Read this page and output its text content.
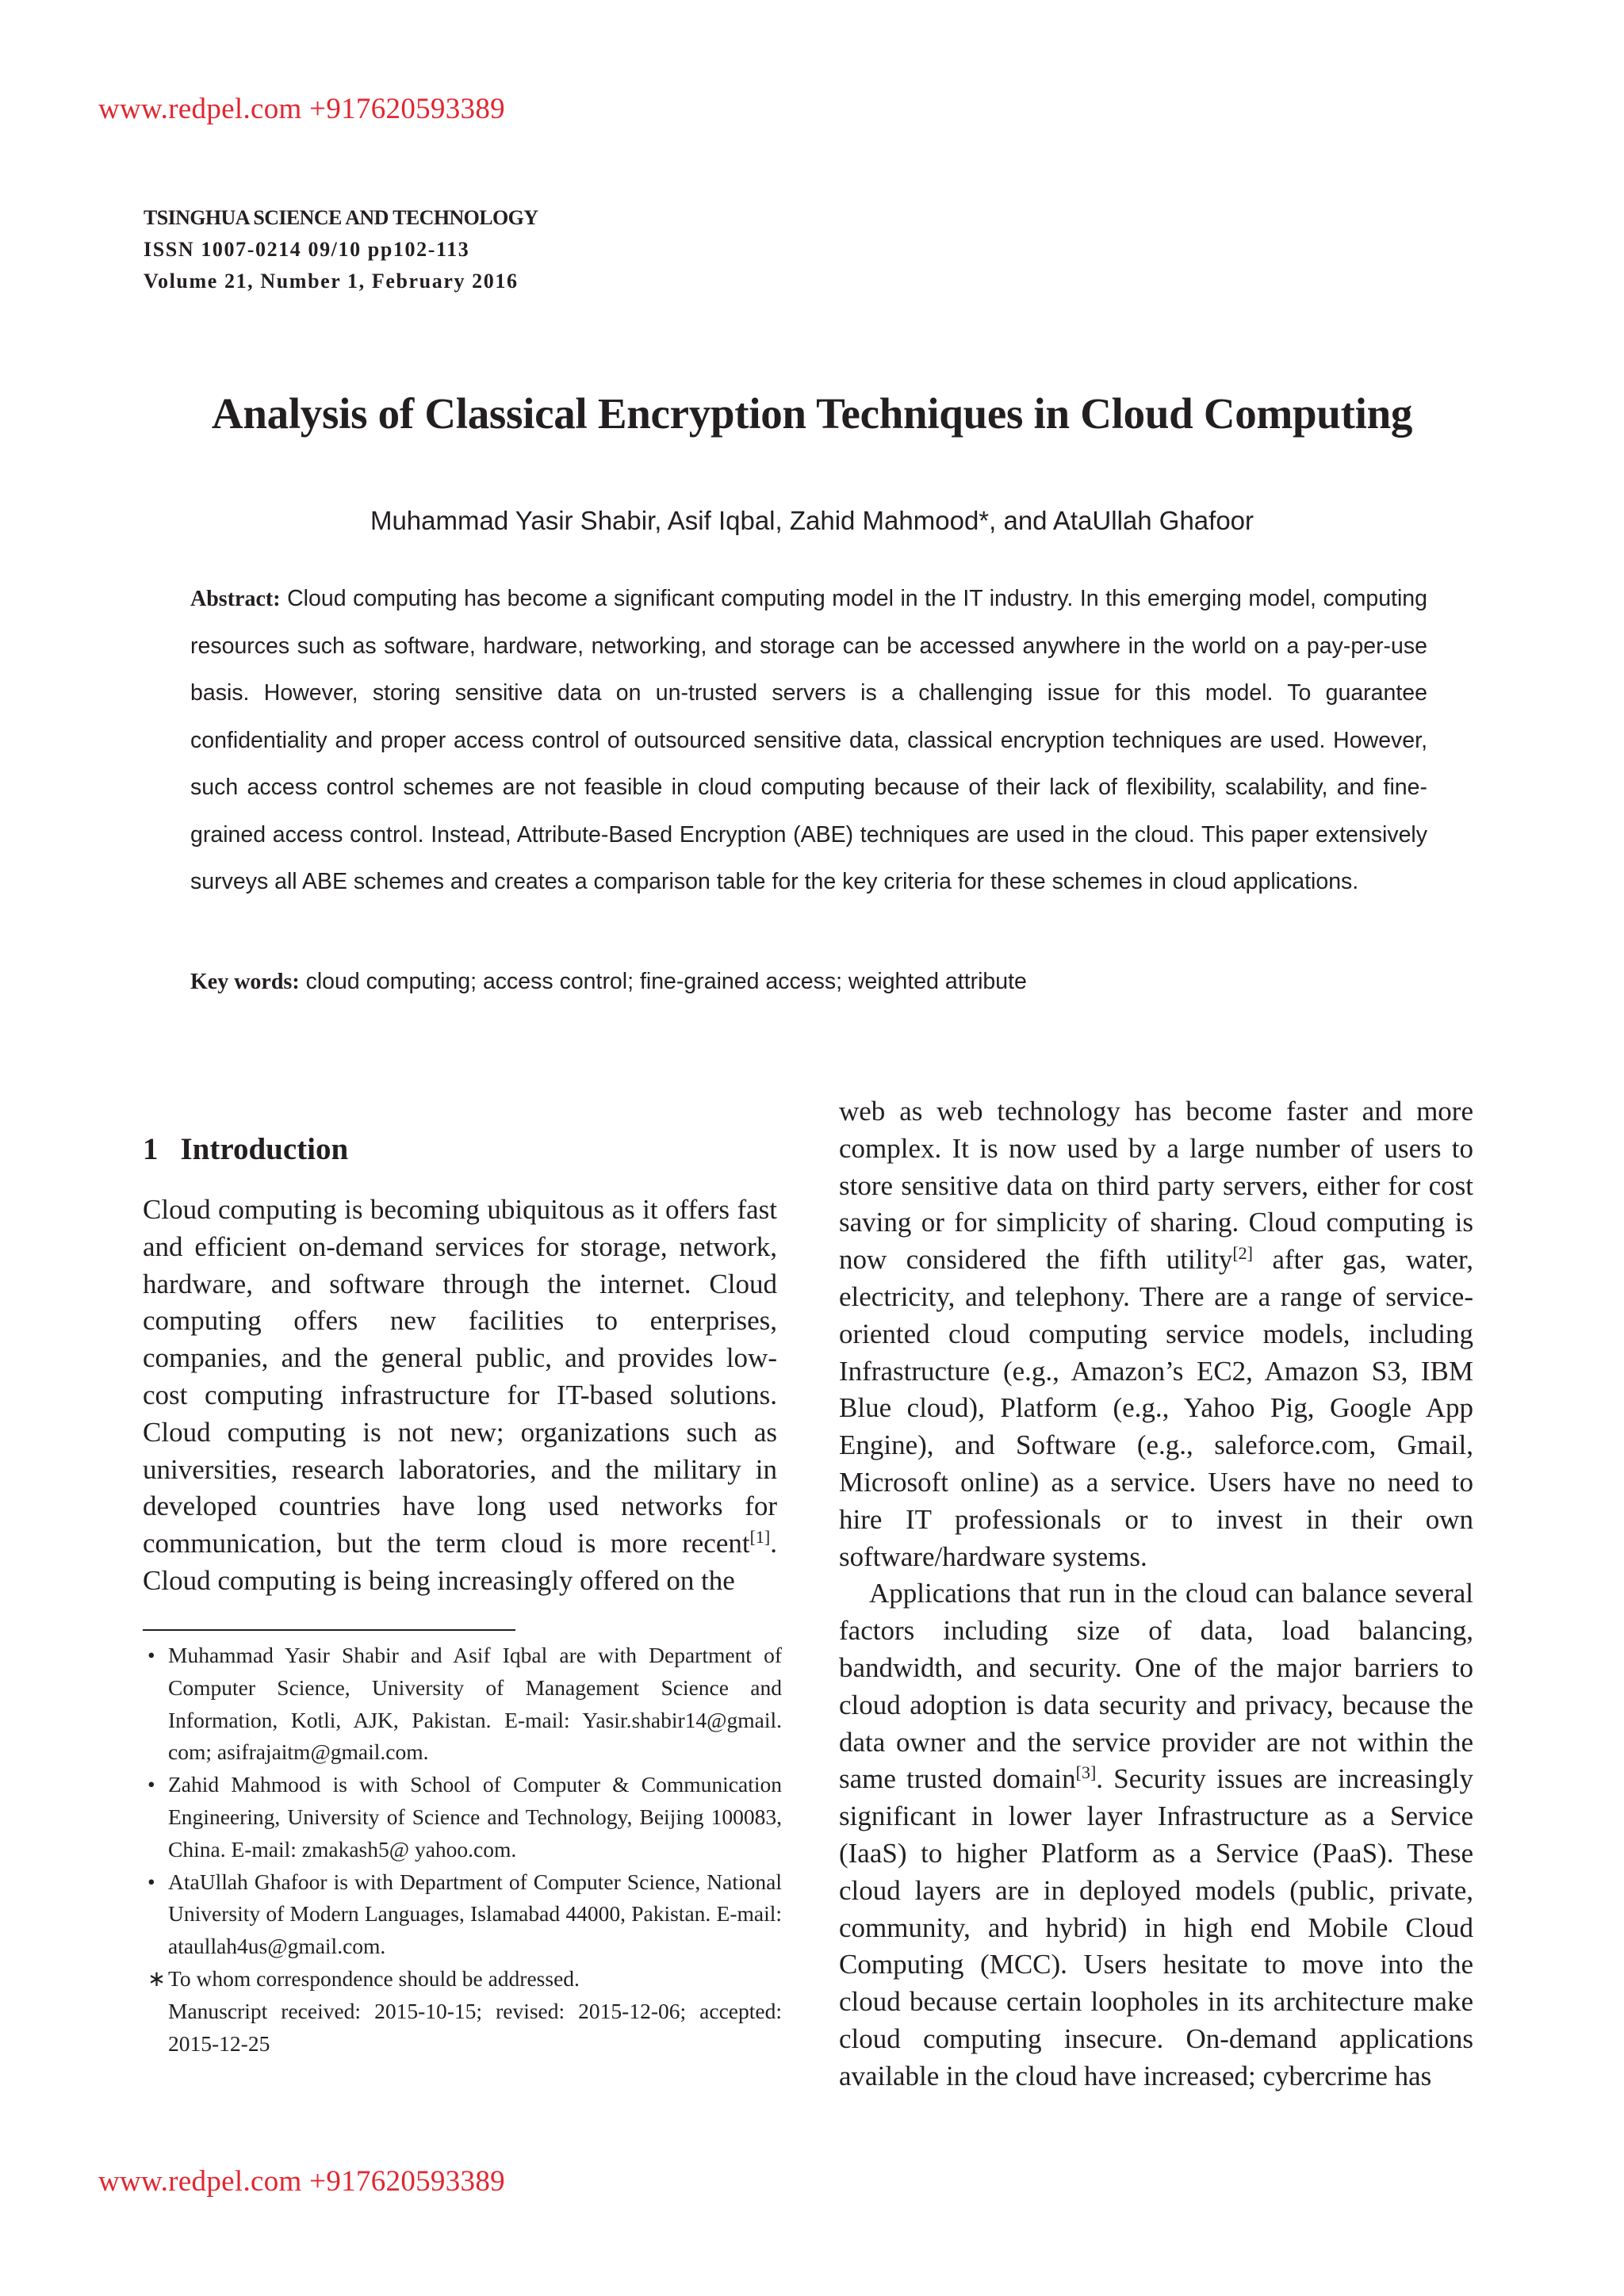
www.redpel.com +917620593389
TSINGHUA SCIENCE AND TECHNOLOGY
ISSN 1007-0214 09/10 pp102-113
Volume 21, Number 1, February 2016
Analysis of Classical Encryption Techniques in Cloud Computing
Muhammad Yasir Shabir, Asif Iqbal, Zahid Mahmood*, and AtaUllah Ghafoor
Abstract: Cloud computing has become a significant computing model in the IT industry. In this emerging model, computing resources such as software, hardware, networking, and storage can be accessed anywhere in the world on a pay-per-use basis. However, storing sensitive data on un-trusted servers is a challenging issue for this model. To guarantee confidentiality and proper access control of outsourced sensitive data, classical encryption techniques are used. However, such access control schemes are not feasible in cloud computing because of their lack of flexibility, scalability, and fine-grained access control. Instead, Attribute-Based Encryption (ABE) techniques are used in the cloud. This paper extensively surveys all ABE schemes and creates a comparison table for the key criteria for these schemes in cloud applications.
Key words: cloud computing; access control; fine-grained access; weighted attribute
1 Introduction

Cloud computing is becoming ubiquitous as it offers fast and efficient on-demand services for storage, network, hardware, and software through the internet. Cloud computing offers new facilities to enterprises, companies, and the general public, and provides low-cost computing infrastructure for IT-based solutions. Cloud computing is not new; organizations such as universities, research laboratories, and the military in developed countries have long used networks for communication, but the term cloud is more recent[1]. Cloud computing is being increasingly offered on the

• Muhammad Yasir Shabir and Asif Iqbal are with Department of Computer Science, University of Management Science and Information, Kotli, AJK, Pakistan. E-mail: Yasir.shabir14@gmail. com; asifrajaitm@gmail.com.
• Zahid Mahmood is with School of Computer & Communication Engineering, University of Science and Technology, Beijing 100083, China. E-mail: zmakash5@ yahoo.com.
• AtaUllah Ghafoor is with Department of Computer Science, National University of Modern Languages, Islamabad 44000, Pakistan. E-mail: ataullah4us@gmail.com.
∗ To whom correspondence should be addressed.
Manuscript received: 2015-10-15; revised: 2015-12-06; accepted: 2015-12-25

web as web technology has become faster and more complex. It is now used by a large number of users to store sensitive data on third party servers, either for cost saving or for simplicity of sharing. Cloud computing is now considered the fifth utility[2] after gas, water, electricity, and telephony. There are a range of service-oriented cloud computing service models, including Infrastructure (e.g., Amazon’s EC2, Amazon S3, IBM Blue cloud), Platform (e.g., Yahoo Pig, Google App Engine), and Software (e.g., saleforce.com, Gmail, Microsoft online) as a service. Users have no need to hire IT professionals or to invest in their own software/hardware systems.

Applications that run in the cloud can balance several factors including size of data, load balancing, bandwidth, and security. One of the major barriers to cloud adoption is data security and privacy, because the data owner and the service provider are not within the same trusted domain[3]. Security issues are increasingly significant in lower layer Infrastructure as a Service (IaaS) to higher Platform as a Service (PaaS). These cloud layers are in deployed models (public, private, community, and hybrid) in high end Mobile Cloud Computing (MCC). Users hesitate to move into the cloud because certain loopholes in its architecture make cloud computing insecure. On-demand applications available in the cloud have increased; cybercrime has

www.redpel.com +917620593389
